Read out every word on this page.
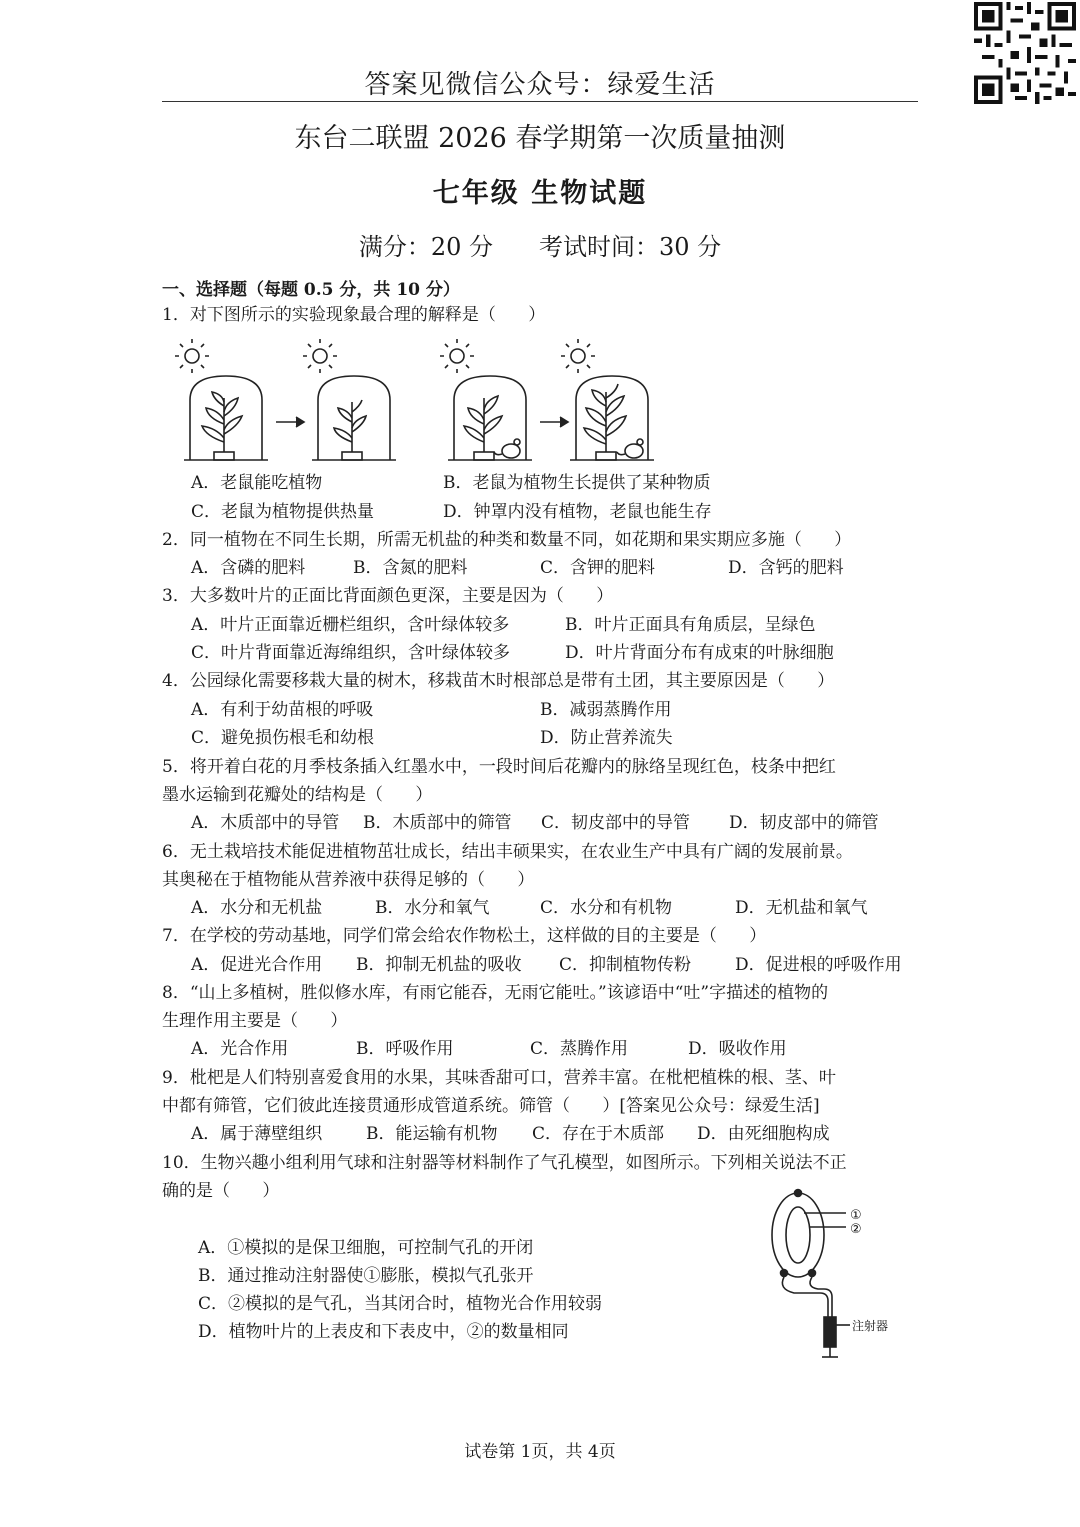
答案见微信公众号：绿爱生活
东台二联盟 2026 春学期第一次质量抽测
七年级 生物试题
满分：20 分 考试时间：30 分
一、选择题（每题 0.5 分，共 10 分）
1．对下图所示的实验现象最合理的解释是（      ）
A．老鼠能吃植物	B．老鼠为植物生长提供了某种物质
C．老鼠为植物提供热量	D．钟罩内没有植物，老鼠也能生存
2．同一植物在不同生长期，所需无机盐的种类和数量不同，如花期和果实期应多施（      ）
A．含磷的肥料	B．含氮的肥料	C．含钾的肥料	D．含钙的肥料
3．大多数叶片的正面比背面颜色更深，主要是因为（      ）
A．叶片正面靠近栅栏组织，含叶绿体较多	B．叶片正面具有角质层，呈绿色
C．叶片背面靠近海绵组织，含叶绿体较多	D．叶片背面分布有成束的叶脉细胞
4．公园绿化需要移栽大量的树木，移栽苗木时根部总是带有土团，其主要原因是（      ）
A．有利于幼苗根的呼吸	B．减弱蒸腾作用
C．避免损伤根毛和幼根	D．防止营养流失
5．将开着白花的月季枝条插入红墨水中，一段时间后花瓣内的脉络呈现红色，枝条中把红
墨水运输到花瓣处的结构是（      ）
A．木质部中的导管 B．木质部中的筛管 C．韧皮部中的导管 D．韧皮部中的筛管
6．无土栽培技术能促进植物茁壮成长，结出丰硕果实，在农业生产中具有广阔的发展前景。
其奥秘在于植物能从营养液中获得足够的（      ）
A．水分和无机盐	B．水分和氧气	C．水分和有机物	D．无机盐和氧气
7．在学校的劳动基地，同学们常会给农作物松土，这样做的目的主要是（      ）
A．促进光合作用 B．抑制无机盐的吸收 C．抑制植物传粉	D．促进根的呼吸作用
8．“山上多植树，胜似修水库，有雨它能吞，无雨它能吐。”该谚语中“吐”字描述的植物的
生理作用主要是（      ）
A．光合作用	B．呼吸作用	C．蒸腾作用	D．吸收作用
9．枇杷是人们特别喜爱食用的水果，其味香甜可口，营养丰富。在枇杷植株的根、茎、叶
中都有筛管，它们彼此连接贯通形成管道系统。筛管（      ）[答案见公众号：绿爱生活]
A．属于薄壁组织	B．能运输有机物 C．存在于木质部 D．由死细胞构成
10．生物兴趣小组利用气球和注射器等材料制作了气孔模型，如图所示。下列相关说法不正
确的是（      ）
A．①模拟的是保卫细胞，可控制气孔的开闭
B．通过推动注射器使①膨胀，模拟气孔张开
C．②模拟的是气孔，当其闭合时，植物光合作用较弱
D．植物叶片的上表皮和下表皮中，②的数量相同
①
②
注射器
试卷第 1页，共 4页
